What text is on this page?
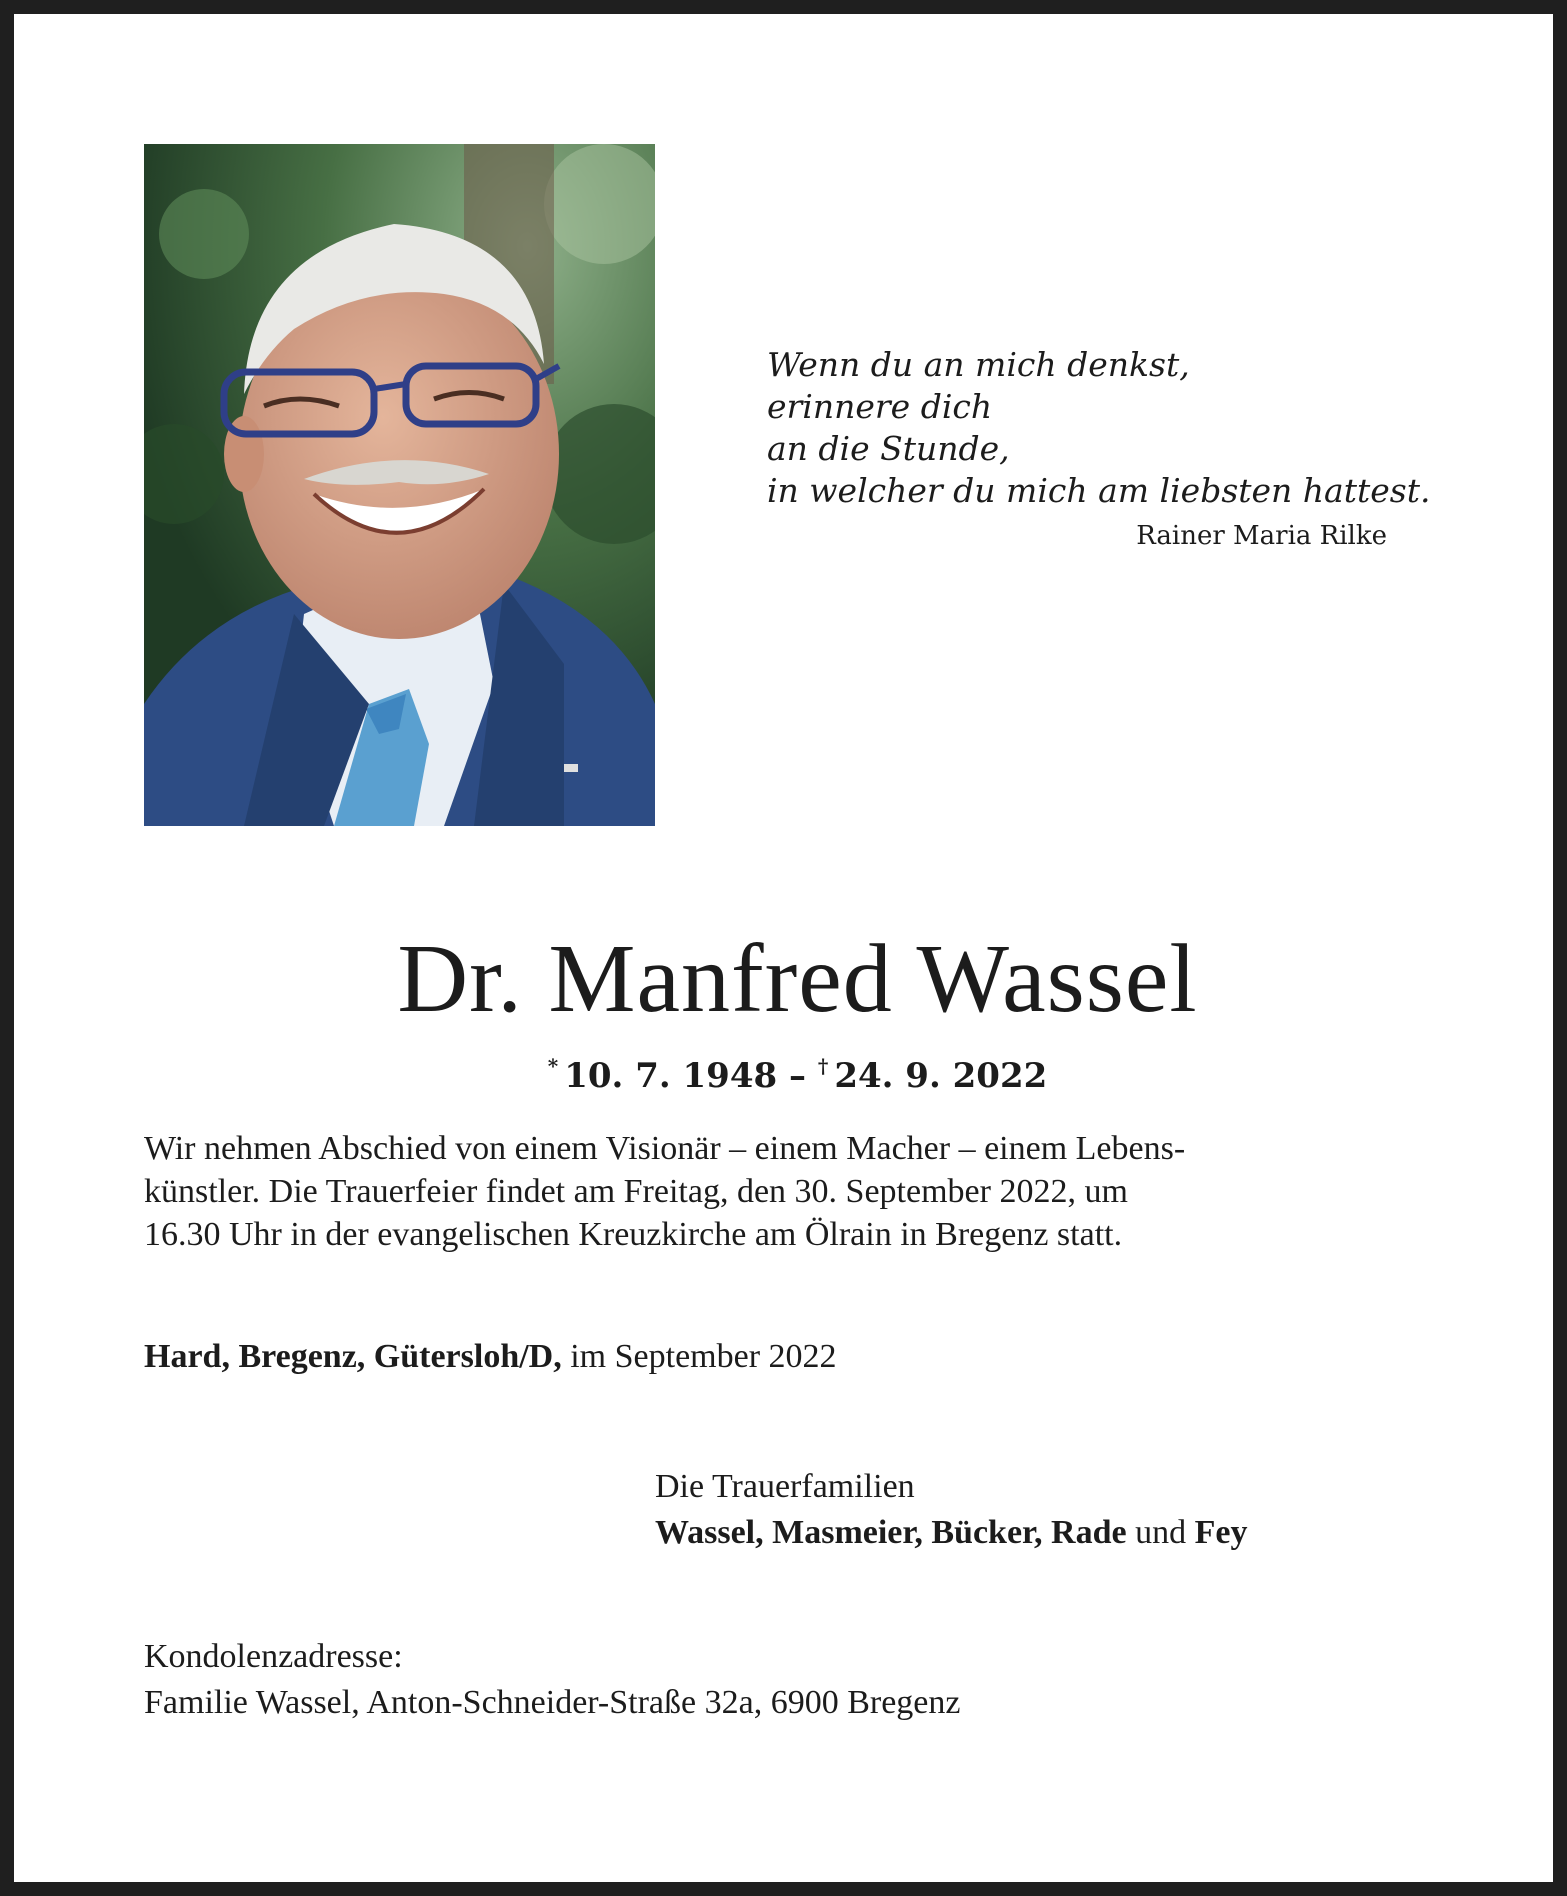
Wenn du an mich denkst,
erinnere dich
an die Stunde,
in welcher du mich am liebsten hattest.
Rainer Maria Rilke
Dr. Manfred Wassel
* 10. 7. 1948 – † 24. 9. 2022
Wir nehmen Abschied von einem Visionär – einem Macher – einem Lebens-
künstler. Die Trauerfeier findet am Freitag, den 30. September 2022, um
16.30 Uhr in der evangelischen Kreuzkirche am Ölrain in Bregenz statt.
Hard, Bregenz, Gütersloh/D, im September 2022
Die Trauerfamilien
Wassel, Masmeier, Bücker, Rade und Fey
Kondolenzadresse:
Familie Wassel, Anton-Schneider-Straße 32a, 6900 Bregenz
